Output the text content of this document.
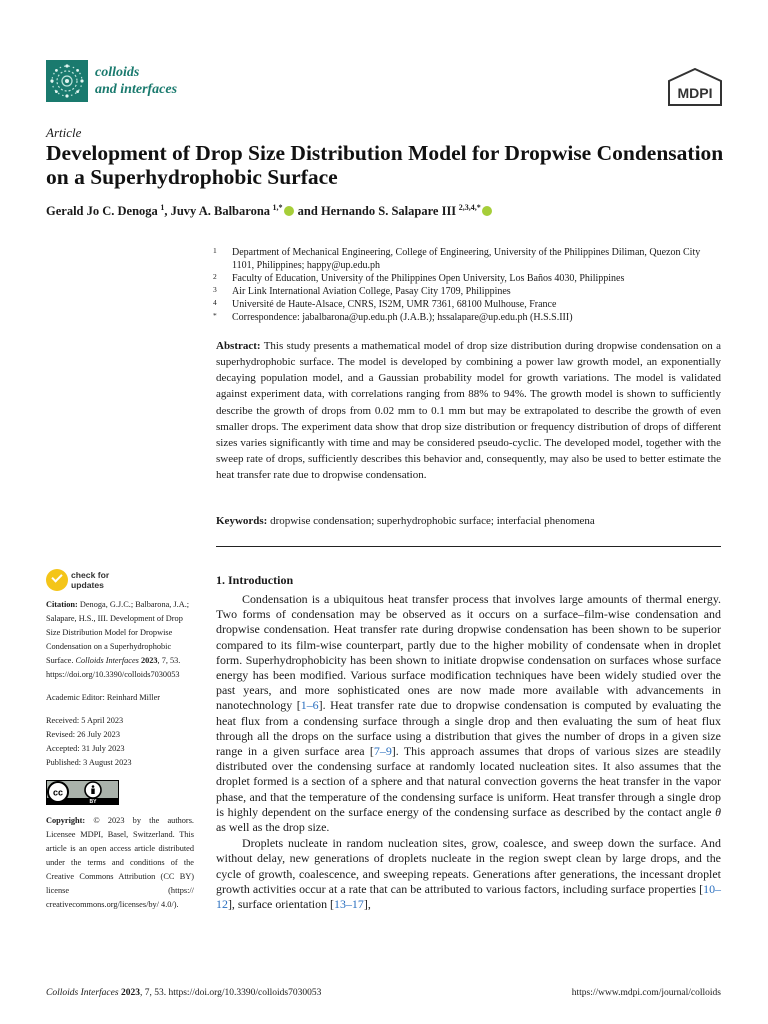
colloids
and interfaces	MDPI
Article
Development of Drop Size Distribution Model for Dropwise Condensation on a Superhydrophobic Surface
Gerald Jo C. Denoga  $^1$, Juvy A. Balbarona  $^{1,*}$ and Hernando S. Salapare III  $^{2,3,4,*}$
1 Department of Mechanical Engineering, College of Engineering, University of the Philippines Diliman, Quezon City 1101, Philippines; happy@up.edu.ph
2 Faculty of Education, University of the Philippines Open University, Los Baños 4030, Philippines
3 Air Link International Aviation College, Pasay City 1709, Philippines
4 Université de Haute-Alsace, CNRS, IS2M, UMR 7361, 68100 Mulhouse, France
* Correspondence: jabalbarona@up.edu.ph (J.A.B.); hssalapare@up.edu.ph (H.S.S.III)
Abstract: This study presents a mathematical model of drop size distribution during dropwise condensation on a superhydrophobic surface. The model is developed by combining a power law growth model, an exponentially decaying population model, and a Gaussian probability model for growth variations. The model is validated against experiment data, with correlations ranging from 88% to 94%. The growth model is shown to sufficiently describe the growth of drops from 0.02 mm to 0.1 mm but may be extrapolated to describe the growth of even smaller drops. The experiment data show that drop size distribution or frequency distribution of drops of different sizes varies significantly with time and may be considered pseudo-cyclic. The developed model, together with the sweep rate of drops, sufficiently describes this behavior and, consequently, may also be used to better estimate the heat transfer rate due to dropwise condensation.
Keywords: dropwise condensation; superhydrophobic surface; interfacial phenomena
check for
updates

Citation: Denoga, G.J.C.; Balbarona, J.A.; Salapare, H.S., III. Development of Drop Size Distribution Model for Dropwise Condensation on a Superhydrophobic Surface. Colloids Interfaces 2023, 7, 53. https://doi.org/10.3390/colloids7030053

Academic Editor: Reinhard Miller

Received: 5 April 2023

Revised: 26 July 2023

Accepted: 31 July 2023

Published: 3 August 2023

cc
BY

Copyright: © 2023 by the authors. Licensee MDPI, Basel, Switzerland. This article is an open access article distributed under the terms and conditions of the Creative Commons Attribution (CC BY) license (https:// creativecommons.org/licenses/by/ 4.0/).

1. Introduction

Condensation is a ubiquitous heat transfer process that involves large amounts of thermal energy. Two forms of condensation may be observed as it occurs on a surface–film-wise condensation and dropwise condensation. Heat transfer rate during dropwise condensation has been shown to be superior compared to its film-wise counterpart, partly due to the higher mobility of condensate when in droplet form. Superhydrophobicity has been shown to initiate dropwise condensation on surfaces whose surface energy has been modified. Various surface modification techniques have been widely studied over the past years, and more sophisticated ones are now made more available with advancements in nanotechnology [1–6]. Heat transfer rate due to dropwise condensation is computed by evaluating the heat flux from a condensing surface through a single drop and then evaluating the sum of heat flux through all the drops on the surface using a distribution that gives the number of drops in a given size range in a given surface area [7–9]. This approach assumes that drops of various sizes are steadily distributed over the condensing surface at randomly located nucleation sites. It also assumes that the droplet formed is a section of a sphere and that natural convection governs the heat transfer in the vapor phase, and that the temperature of the condensing surface is uniform. Heat transfer through a single drop is highly dependent on the surface energy of the condensing surface as described by the contact angle θ as well as the drop size.

Droplets nucleate in random nucleation sites, grow, coalesce, and sweep down the surface. And without delay, new generations of droplets nucleate in the region swept clean by large drops, and the cycle of growth, coalescence, and sweeping repeats. Generations after generations, the incessant droplet growth activities occur at a rate that can be attributed to various factors, including surface properties [10–12], surface orientation [13–17],

Colloids Interfaces 2023, 7, 53. https://doi.org/10.3390/colloids7030053	https://www.mdpi.com/journal/colloids
